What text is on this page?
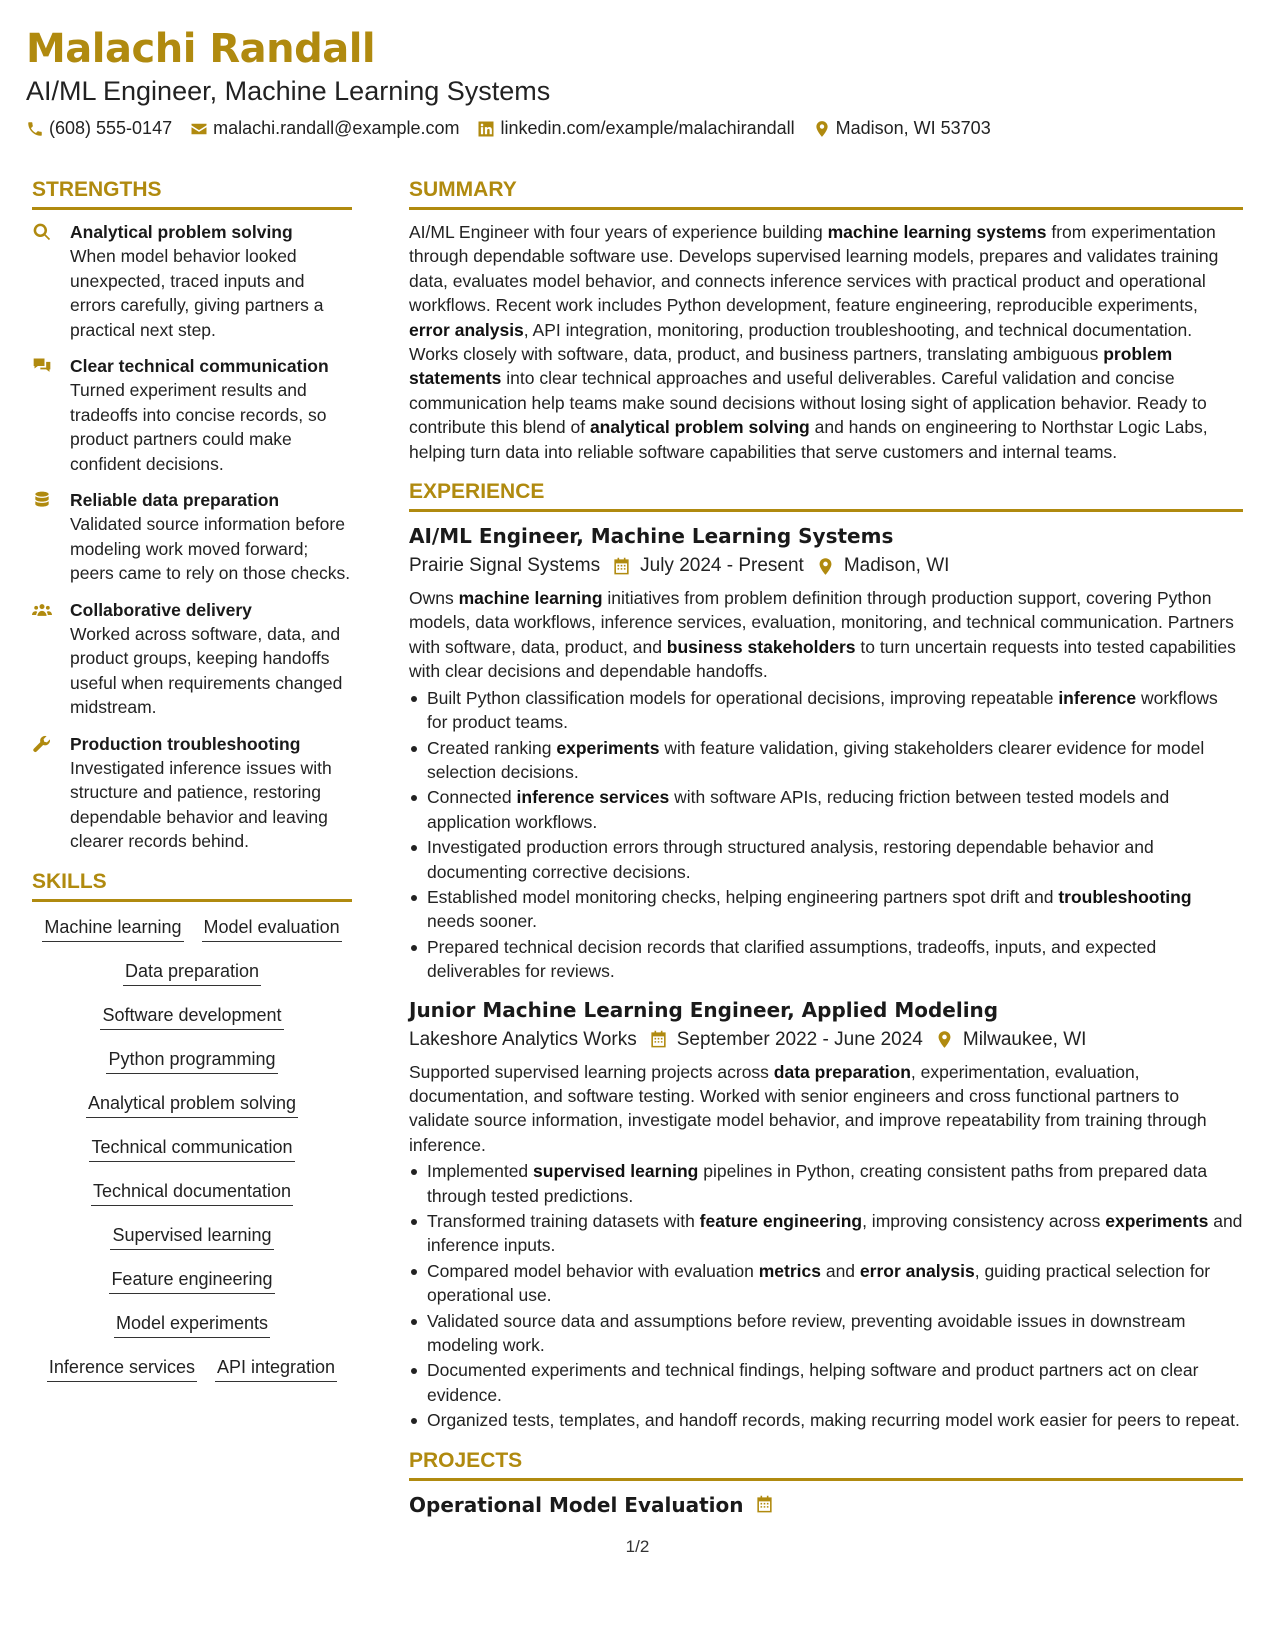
Malachi Randall
AI/ML Engineer, Machine Learning Systems
(608) 555-0147 malachi.randall@example.com linkedin.com/example/malachirandall Madison, WI 53703
STRENGTHS
Analytical problem solving
When model behavior looked unexpected, traced inputs and errors carefully, giving partners a practical next step.
Clear technical communication
Turned experiment results and tradeoffs into concise records, so product partners could make confident decisions.
Reliable data preparation
Validated source information before modeling work moved forward; peers came to rely on those checks.
Collaborative delivery
Worked across software, data, and product groups, keeping handoffs useful when requirements changed midstream.
Production troubleshooting
Investigated inference issues with structure and patience, restoring dependable behavior and leaving clearer records behind.
SKILLS
Machine learning Model evaluation
Data preparation
Software development
Python programming
Analytical problem solving
Technical communication
Technical documentation
Supervised learning
Feature engineering
Model experiments
Inference services API integration
SUMMARY
AI/ML Engineer with four years of experience building machine learning systems from experimentation through dependable software use. Develops supervised learning models, prepares and validates training data, evaluates model behavior, and connects inference services with practical product and operational workflows. Recent work includes Python development, feature engineering, reproducible experiments, error analysis, API integration, monitoring, production troubleshooting, and technical documentation. Works closely with software, data, product, and business partners, translating ambiguous problem statements into clear technical approaches and useful deliverables. Careful validation and concise communication help teams make sound decisions without losing sight of application behavior. Ready to contribute this blend of analytical problem solving and hands on engineering to Northstar Logic Labs, helping turn data into reliable software capabilities that serve customers and internal teams.
EXPERIENCE
AI/ML Engineer, Machine Learning Systems
Prairie Signal Systems July 2024 - Present Madison, WI
Owns machine learning initiatives from problem definition through production support, covering Python models, data workflows, inference services, evaluation, monitoring, and technical communication. Partners with software, data, product, and business stakeholders to turn uncertain requests into tested capabilities with clear decisions and dependable handoffs.
Built Python classification models for operational decisions, improving repeatable inference workflows for product teams.
Created ranking experiments with feature validation, giving stakeholders clearer evidence for model selection decisions.
Connected inference services with software APIs, reducing friction between tested models and application workflows.
Investigated production errors through structured analysis, restoring dependable behavior and documenting corrective decisions.
Established model monitoring checks, helping engineering partners spot drift and troubleshooting needs sooner.
Prepared technical decision records that clarified assumptions, tradeoffs, inputs, and expected deliverables for reviews.
Junior Machine Learning Engineer, Applied Modeling
Lakeshore Analytics Works September 2022 - June 2024 Milwaukee, WI
Supported supervised learning projects across data preparation, experimentation, evaluation, documentation, and software testing. Worked with senior engineers and cross functional partners to validate source information, investigate model behavior, and improve repeatability from training through inference.
Implemented supervised learning pipelines in Python, creating consistent paths from prepared data through tested predictions.
Transformed training datasets with feature engineering, improving consistency across experiments and inference inputs.
Compared model behavior with evaluation metrics and error analysis, guiding practical selection for operational use.
Validated source data and assumptions before review, preventing avoidable issues in downstream modeling work.
Documented experiments and technical findings, helping software and product partners act on clear evidence.
Organized tests, templates, and handoff records, making recurring model work easier for peers to repeat.
PROJECTS
Operational Model Evaluation
1/2
